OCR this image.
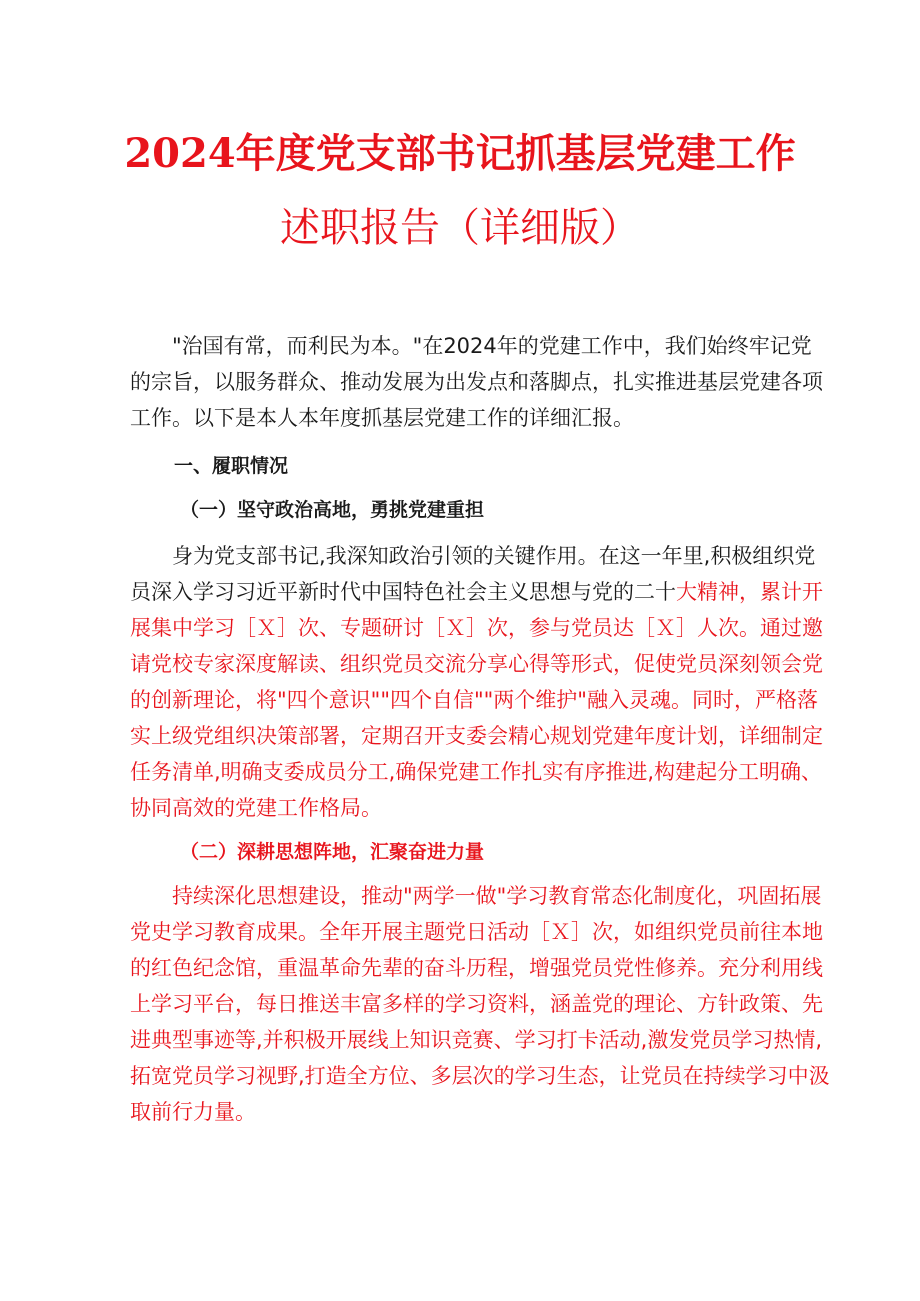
2024年度党支部书记抓基层党建工作
述职报告（详细版）
"治国有常，而利民为本。"在2024年的党建工作中，我们始终牢记党
的宗旨，以服务群众、推动发展为出发点和落脚点，扎实推进基层党建各项
工作。以下是本人本年度抓基层党建工作的详细汇报。
一、履职情况
（一）坚守政治高地，勇挑党建重担
身为党支部书记,我深知政治引领的关键作用。在这一年里,积极组织党
员深入学习习近平新时代中国特色社会主义思想与党的二十大精神，累计开
展集中学习［Ｘ］次、专题研讨［Ｘ］次，参与党员达［Ｘ］人次。通过邀
请党校专家深度解读、组织党员交流分享心得等形式，促使党员深刻领会党
的创新理论，将"四个意识""四个自信""两个维护"融入灵魂。同时，严格落
实上级党组织决策部署，定期召开支委会精心规划党建年度计划，详细制定
任务清单,明确支委成员分工,确保党建工作扎实有序推进,构建起分工明确、
协同高效的党建工作格局。
（二）深耕思想阵地，汇聚奋进力量
持续深化思想建设，推动"两学一做"学习教育常态化制度化，巩固拓展
党史学习教育成果。全年开展主题党日活动［Ｘ］次，如组织党员前往本地
的红色纪念馆，重温革命先辈的奋斗历程，增强党员党性修养。充分利用线
上学习平台，每日推送丰富多样的学习资料，涵盖党的理论、方针政策、先
进典型事迹等,并积极开展线上知识竞赛、学习打卡活动,激发党员学习热情,
拓宽党员学习视野,打造全方位、多层次的学习生态，让党员在持续学习中汲
取前行力量。
